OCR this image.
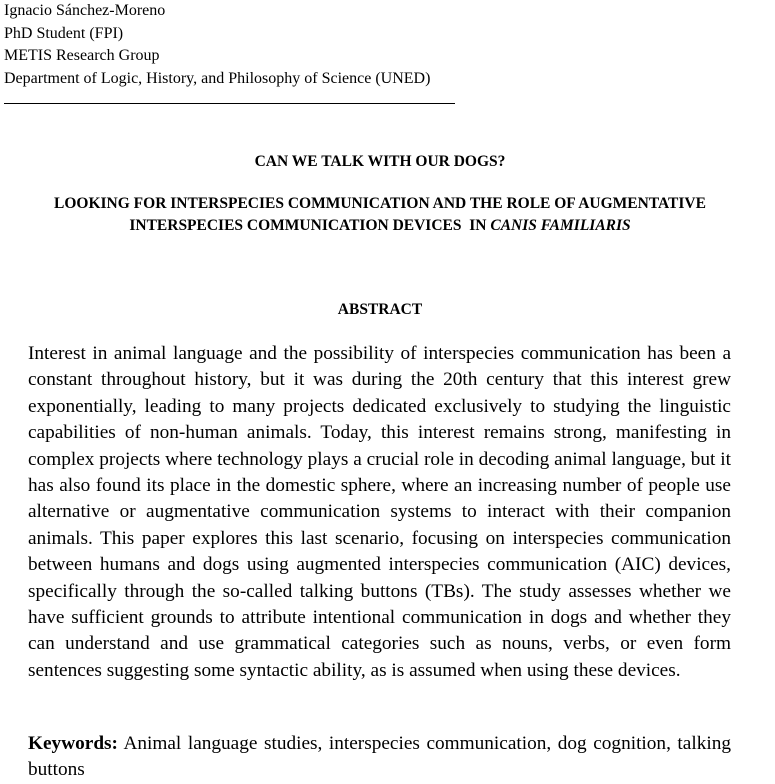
Ignacio Sánchez-Moreno
PhD Student (FPI)
METIS Research Group
Department of Logic, History, and Philosophy of Science (UNED)
CAN WE TALK WITH OUR DOGS?
LOOKING FOR INTERSPECIES COMMUNICATION AND THE ROLE OF AUGMENTATIVE
INTERSPECIES COMMUNICATION DEVICES  IN CANIS FAMILIARIS
ABSTRACT

Interest in animal language and the possibility of interspecies communication has been a constant throughout history, but it was during the 20th century that this interest grew exponentially, leading to many projects dedicated exclusively to studying the linguistic capabilities of non-human animals. Today, this interest remains strong, manifesting in complex projects where technology plays a crucial role in decoding animal language, but it has also found its place in the domestic sphere, where an increasing number of people use alternative or augmentative communication systems to interact with their companion animals. This paper explores this last scenario, focusing on interspecies communication between humans and dogs using augmented interspecies communication (AIC) devices, specifically through the so-called talking buttons (TBs). The study assesses whether we have sufficient grounds to attribute intentional communication in dogs and whether they can understand and use grammatical categories such as nouns, verbs, or even form sentences suggesting some syntactic ability, as is assumed when using these devices.

Keywords: Animal language studies, interspecies communication, dog cognition, talking buttons
